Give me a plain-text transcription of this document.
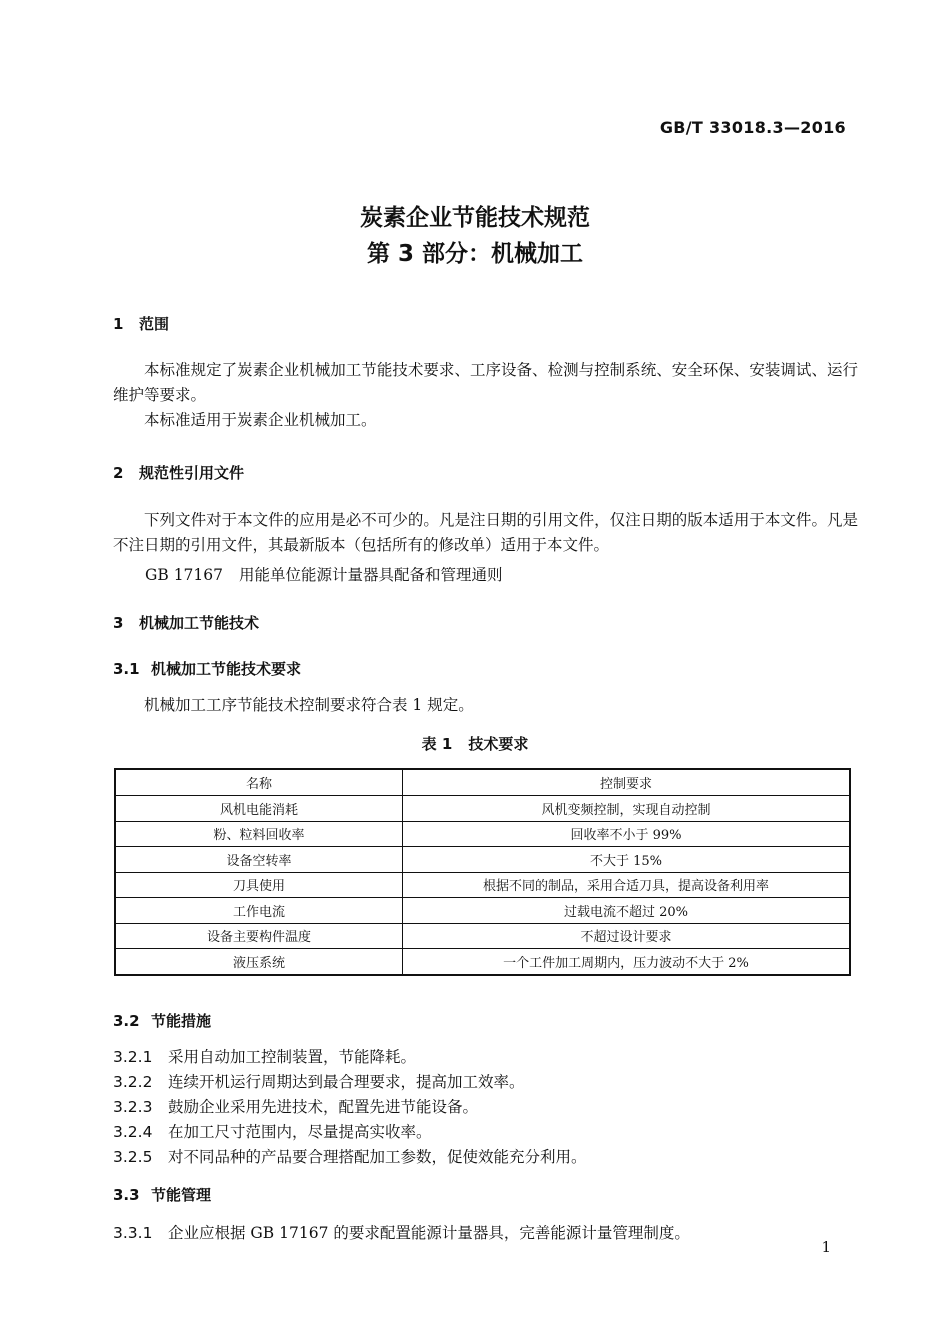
GB/T 33018.3—2016
炭素企业节能技术规范
第 3 部分：机械加工
1 范围
本标准规定了炭素企业机械加工节能技术要求、工序设备、检测与控制系统、安全环保、安装调试、运行维护等要求。
本标准适用于炭素企业机械加工。
2 规范性引用文件
下列文件对于本文件的应用是必不可少的。凡是注日期的引用文件，仅注日期的版本适用于本文件。凡是不注日期的引用文件，其最新版本（包括所有的修改单）适用于本文件。
GB 17167 用能单位能源计量器具配备和管理通则
3 机械加工节能技术
3.1 机械加工节能技术要求
机械加工工序节能技术控制要求符合表 1 规定。
表 1 技术要求
名称	控制要求
风机电能消耗	风机变频控制，实现自动控制
粉、粒料回收率	回收率不小于 99%
设备空转率	不大于 15%
刀具使用	根据不同的制品，采用合适刀具，提高设备利用率
工作电流	过载电流不超过 20%
设备主要构件温度	不超过设计要求
液压系统	一个工件加工周期内，压力波动不大于 2%
3.2 节能措施
3.2.1 采用自动加工控制装置，节能降耗。
3.2.2 连续开机运行周期达到最合理要求，提高加工效率。
3.2.3 鼓励企业采用先进技术，配置先进节能设备。
3.2.4 在加工尺寸范围内，尽量提高实收率。
3.2.5 对不同品种的产品要合理搭配加工参数，促使效能充分利用。
3.3 节能管理
3.3.1 企业应根据 GB 17167 的要求配置能源计量器具，完善能源计量管理制度。
1
